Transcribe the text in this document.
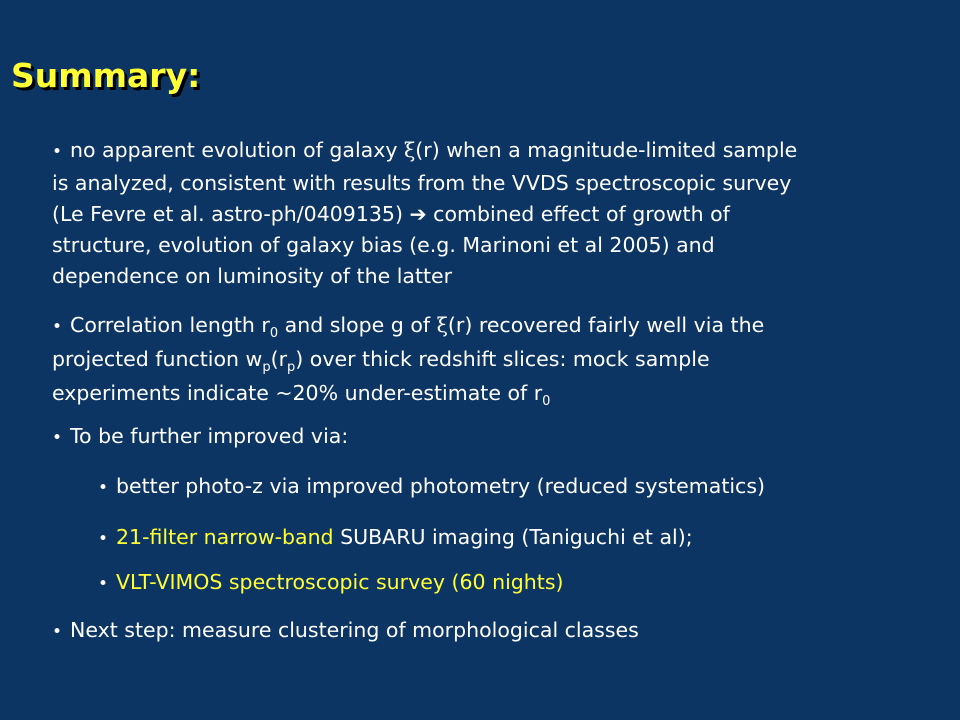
Summary:
• no apparent evolution of galaxy ξ(r) when a magnitude-limited sample
is analyzed, consistent with results from the VVDS spectroscopic survey
(Le Fevre et al. astro-ph/0409135) ➔ combined effect of growth of
structure, evolution of galaxy bias (e.g. Marinoni et al 2005) and
dependence on luminosity of the latter
• Correlation length $r_0$ and slope g of ξ(r) recovered fairly well via the
projected function $w_p(r_p)$ over thick redshift slices: mock sample
experiments indicate ~20% under-estimate of $r_0$
• To be further improved via:
• better photo-z via improved photometry (reduced systematics)
• 21-filter narrow-band SUBARU imaging (Taniguchi et al);
• VLT-VIMOS spectroscopic survey (60 nights)
• Next step: measure clustering of morphological classes
